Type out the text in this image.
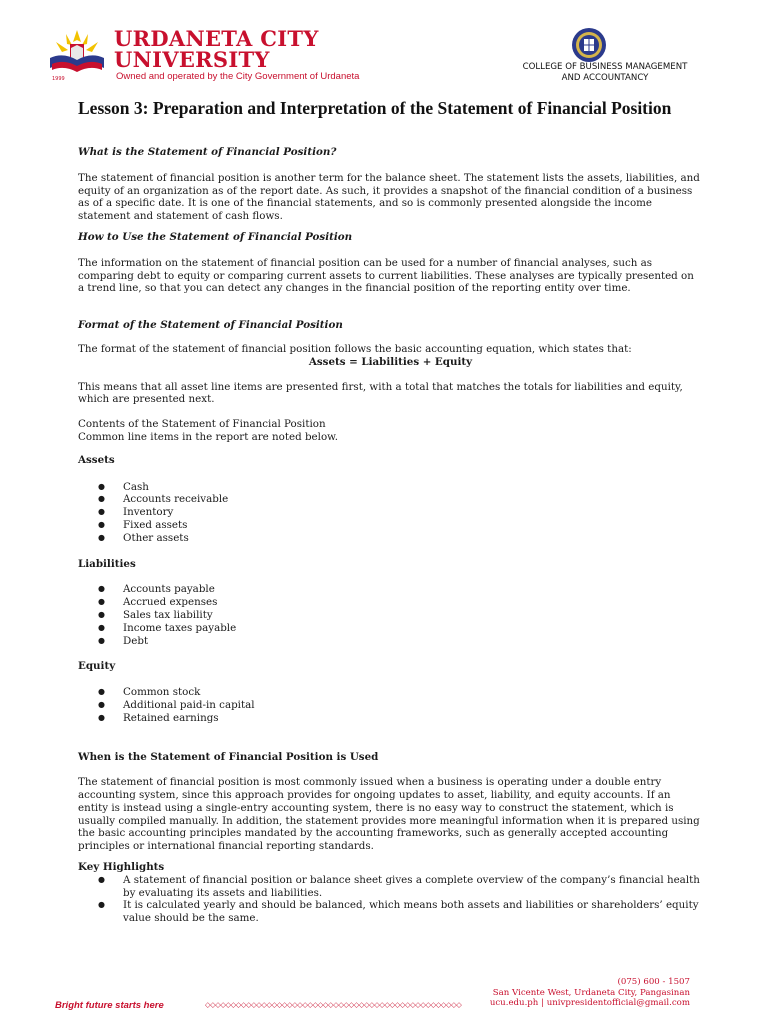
1999
URDANETA CITY
UNIVERSITY
Owned and operated by the City Government of Urdaneta
COLLEGE OF BUSINESS MANAGEMENT
AND ACCOUNTANCY
Lesson 3: Preparation and Interpretation of the Statement of Financial Position

What is the Statement of Financial Position?

The statement of financial position is another term for the balance sheet. The statement lists the assets, liabilities, and equity of an organization as of the report date. As such, it provides a snapshot of the financial condition of a business as of a specific date. It is one of the financial statements, and so is commonly presented alongside the income statement and statement of cash flows.

How to Use the Statement of Financial Position

The information on the statement of financial position can be used for a number of financial analyses, such as comparing debt to equity or comparing current assets to current liabilities. These analyses are typically presented on a trend line, so that you can detect any changes in the financial position of the reporting entity over time.

Format of the Statement of Financial Position

The format of the statement of financial position follows the basic accounting equation, which states that:

Assets = Liabilities + Equity

This means that all asset line items are presented first, with a total that matches the totals for liabilities and equity, which are presented next.

Contents of the Statement of Financial Position

Common line items in the report are noted below.

Assets

● Cash
● Accounts receivable
● Inventory
● Fixed assets
● Other assets

Liabilities

● Accounts payable
● Accrued expenses
● Sales tax liability
● Income taxes payable
● Debt

Equity

● Common stock
● Additional paid-in capital
● Retained earnings

When is the Statement of Financial Position is Used

The statement of financial position is most commonly issued when a business is operating under a double entry accounting system, since this approach provides for ongoing updates to asset, liability, and equity accounts. If an entity is instead using a single-entry accounting system, there is no easy way to construct the statement, which is usually compiled manually. In addition, the statement provides more meaningful information when it is prepared using the basic accounting principles mandated by the accounting frameworks, such as generally accepted accounting principles or international financial reporting standards.

Key Highlights

● A statement of financial position or balance sheet gives a complete overview of the company’s financial health by evaluating its assets and liabilities.
● It is calculated yearly and should be balanced, which means both assets and liabilities or shareholders’ equity value should be the same.
(075) 600 - 1507
San Vicente West, Urdaneta City, Pangasinan
ucu.edu.ph | univpresidentofficial@gmail.com
Bright future starts here	◇◇◇◇◇◇◇◇◇◇◇◇◇◇◇◇◇◇◇◇◇◇◇◇◇◇◇◇◇◇◇◇◇◇◇◇◇◇◇◇◇◇◇◇◇◇◇◇◇◇
